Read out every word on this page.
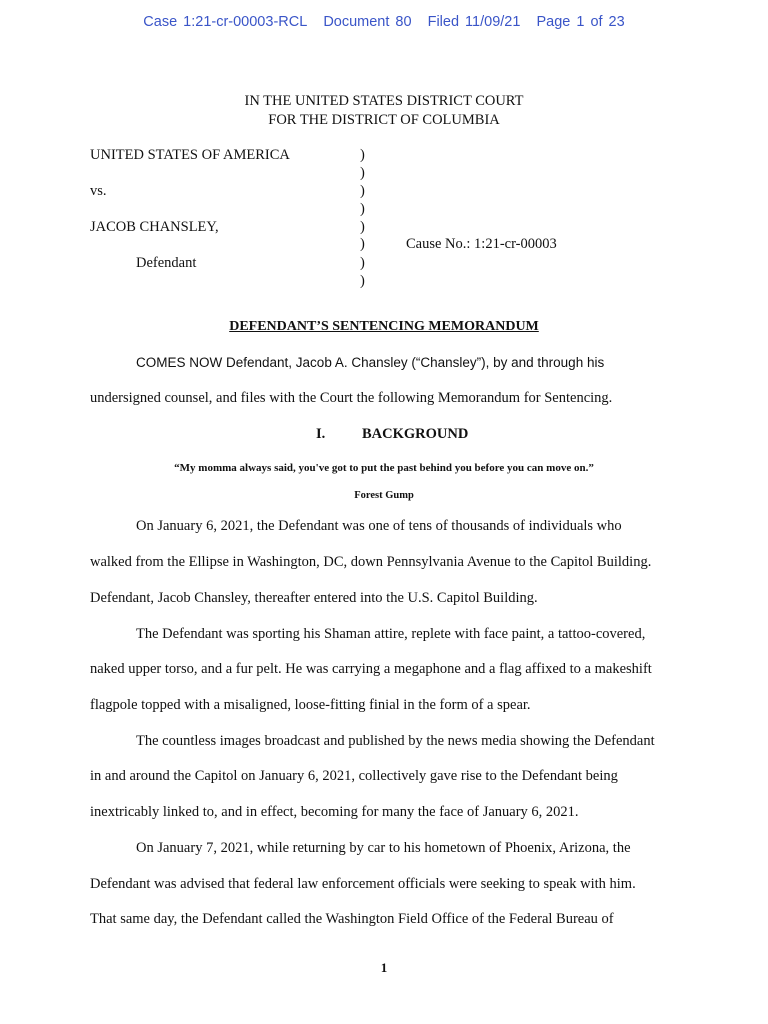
Case 1:21-cr-00003-RCL Document 80 Filed 11/09/21 Page 1 of 23
IN THE UNITED STATES DISTRICT COURT
FOR THE DISTRICT OF COLUMBIA
UNITED STATES OF AMERICA
vs.
JACOB CHANSLEY,
Defendant
Cause No.: 1:21-cr-00003
)
)
)
)
)
)
)
)
DEFENDANT’S SENTENCING MEMORANDUM
COMES NOW Defendant, Jacob A. Chansley (“Chansley”), by and through his
undersigned counsel, and files with the Court the following Memorandum for Sentencing.
I.	BACKGROUND
“My momma always said, you've got to put the past behind you before you can move on.”
Forest Gump
On January 6, 2021, the Defendant was one of tens of thousands of individuals who
walked from the Ellipse in Washington, DC, down Pennsylvania Avenue to the Capitol Building.
Defendant, Jacob Chansley, thereafter entered into the U.S. Capitol Building.
The Defendant was sporting his Shaman attire, replete with face paint, a tattoo-covered,
naked upper torso, and a fur pelt. He was carrying a megaphone and a flag affixed to a makeshift
flagpole topped with a misaligned, loose-fitting finial in the form of a spear.
The countless images broadcast and published by the news media showing the Defendant
in and around the Capitol on January 6, 2021, collectively gave rise to the Defendant being
inextricably linked to, and in effect, becoming for many the face of January 6, 2021.
On January 7, 2021, while returning by car to his hometown of Phoenix, Arizona, the
Defendant was advised that federal law enforcement officials were seeking to speak with him.
That same day, the Defendant called the Washington Field Office of the Federal Bureau of
1
